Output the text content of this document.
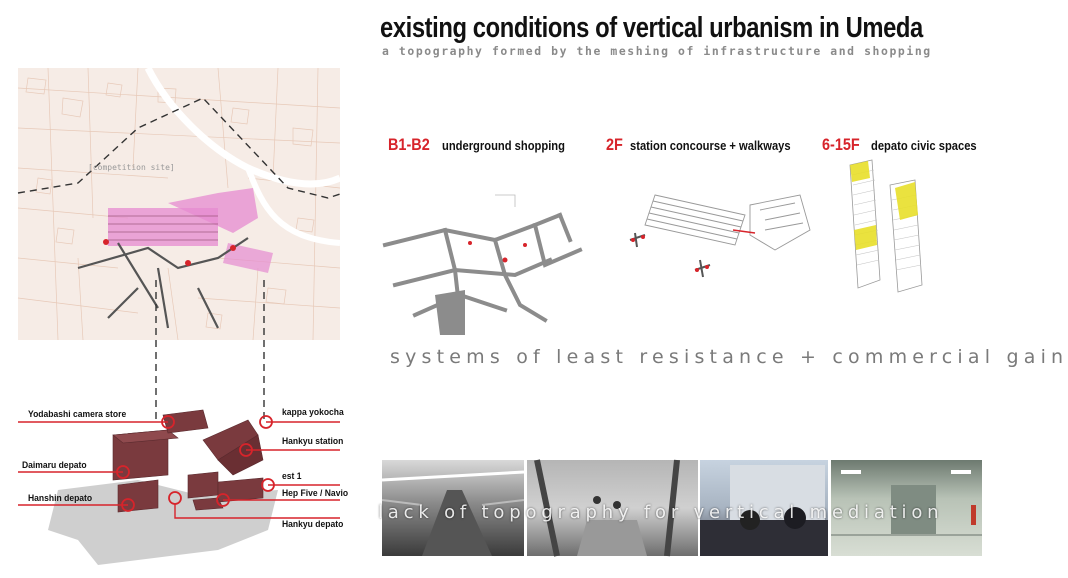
existing conditions of vertical urbanism in Umeda
a topography formed by the meshing of infrastructure and shopping
[competition site]
Yodabashi camera store
Daimaru depato
Hanshin depato
kappa yokocha
Hankyu station
est 1
Hep Five / Navio
Hankyu depato
B1-B2 underground shopping	2F station concourse + walkways	6-15F depato civic spaces
systems of least resistance + commercial gain
lack of topography for vertical mediation
